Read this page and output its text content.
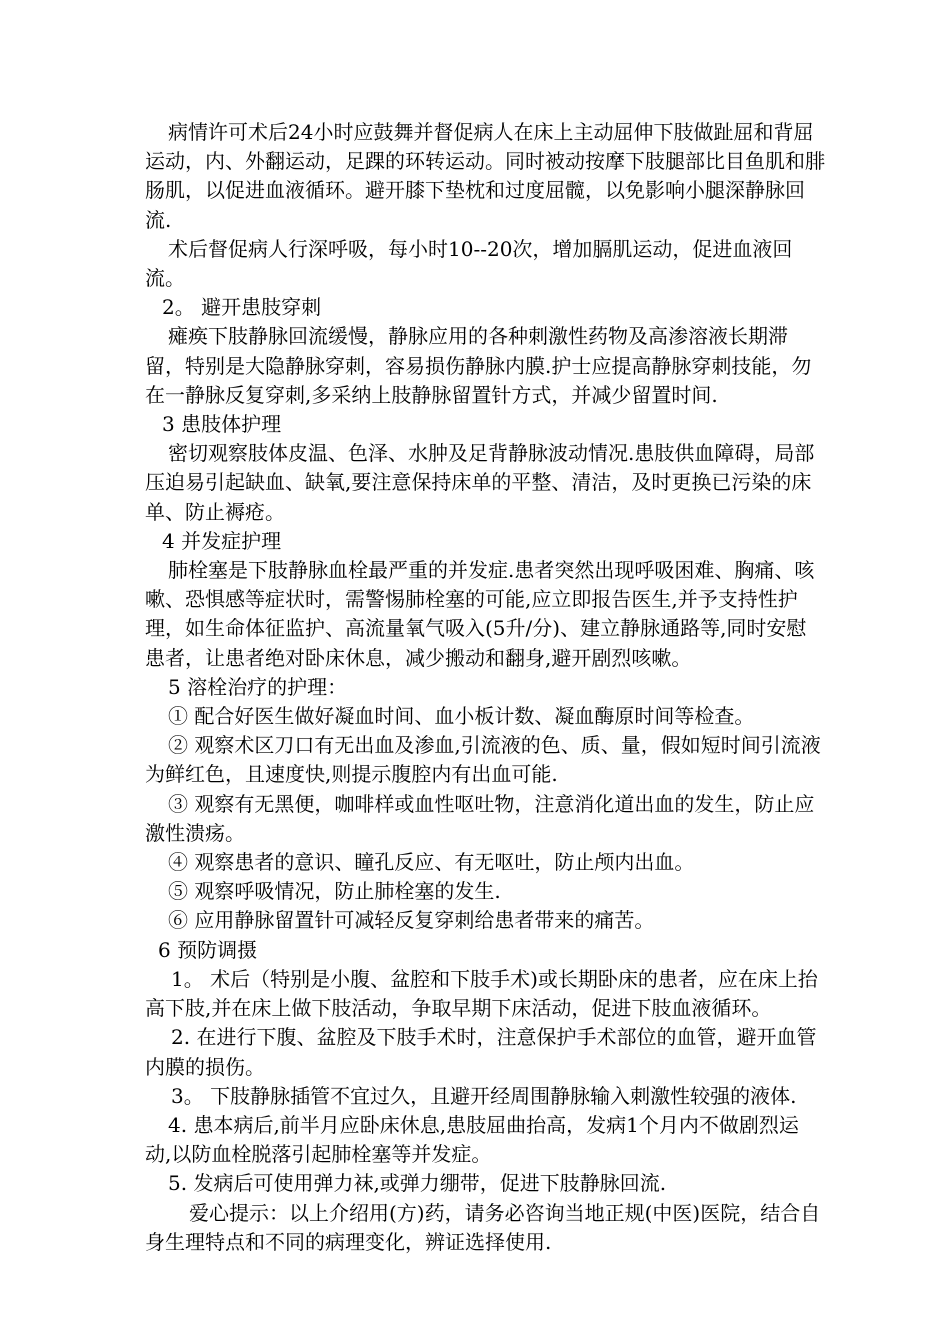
病情许可术后24小时应鼓舞并督促病人在床上主动屈伸下肢做趾屈和背屈运动，内、外翻运动，足踝的环转运动。同时被动按摩下肢腿部比目鱼肌和腓肠肌，以促进血液循环。避开膝下垫枕和过度屈髋，以免影响小腿深静脉回流.

术后督促病人行深呼吸，每小时10--20次，增加膈肌运动，促进血液回流。

2。 避开患肢穿刺

瘫痪下肢静脉回流缓慢，静脉应用的各种刺激性药物及高渗溶液长期滞留，特别是大隐静脉穿刺，容易损伤静脉内膜.护士应提高静脉穿刺技能，勿在一静脉反复穿刺,多采纳上肢静脉留置针方式，并减少留置时间.

3 患肢体护理

密切观察肢体皮温、色泽、水肿及足背静脉波动情况.患肢供血障碍，局部压迫易引起缺血、缺氧,要注意保持床单的平整、清洁，及时更换已污染的床单、防止褥疮。

4 并发症护理

肺栓塞是下肢静脉血栓最严重的并发症.患者突然出现呼吸困难、胸痛、咳嗽、恐惧感等症状时，需警惕肺栓塞的可能,应立即报告医生,并予支持性护理，如生命体征监护、高流量氧气吸入(5升/分)、建立静脉通路等,同时安慰患者，让患者绝对卧床休息，减少搬动和翻身,避开剧烈咳嗽。

5 溶栓治疗的护理：

① 配合好医生做好凝血时间、血小板计数、凝血酶原时间等检查。

② 观察术区刀口有无出血及渗血,引流液的色、质、量，假如短时间引流液为鲜红色，且速度快,则提示腹腔内有出血可能.

③ 观察有无黑便，咖啡样或血性呕吐物，注意消化道出血的发生，防止应激性溃疡。

④ 观察患者的意识、瞳孔反应、有无呕吐，防止颅内出血。

⑤ 观察呼吸情况，防止肺栓塞的发生.

⑥ 应用静脉留置针可减轻反复穿刺给患者带来的痛苦。

6 预防调摄

1。 术后（特别是小腹、盆腔和下肢手术)或长期卧床的患者，应在床上抬高下肢,并在床上做下肢活动，争取早期下床活动，促进下肢血液循环。

2. 在进行下腹、盆腔及下肢手术时，注意保护手术部位的血管，避开血管内膜的损伤。

3。 下肢静脉插管不宜过久，且避开经周围静脉输入刺激性较强的液体.

4. 患本病后,前半月应卧床休息,患肢屈曲抬高，发病1个月内不做剧烈运动,以防血栓脱落引起肺栓塞等并发症。

5. 发病后可使用弹力袜,或弹力绷带，促进下肢静脉回流.

爱心提示：以上介绍用(方)药，请务必咨询当地正规(中医)医院，结合自身生理特点和不同的病理变化，辨证选择使用.
